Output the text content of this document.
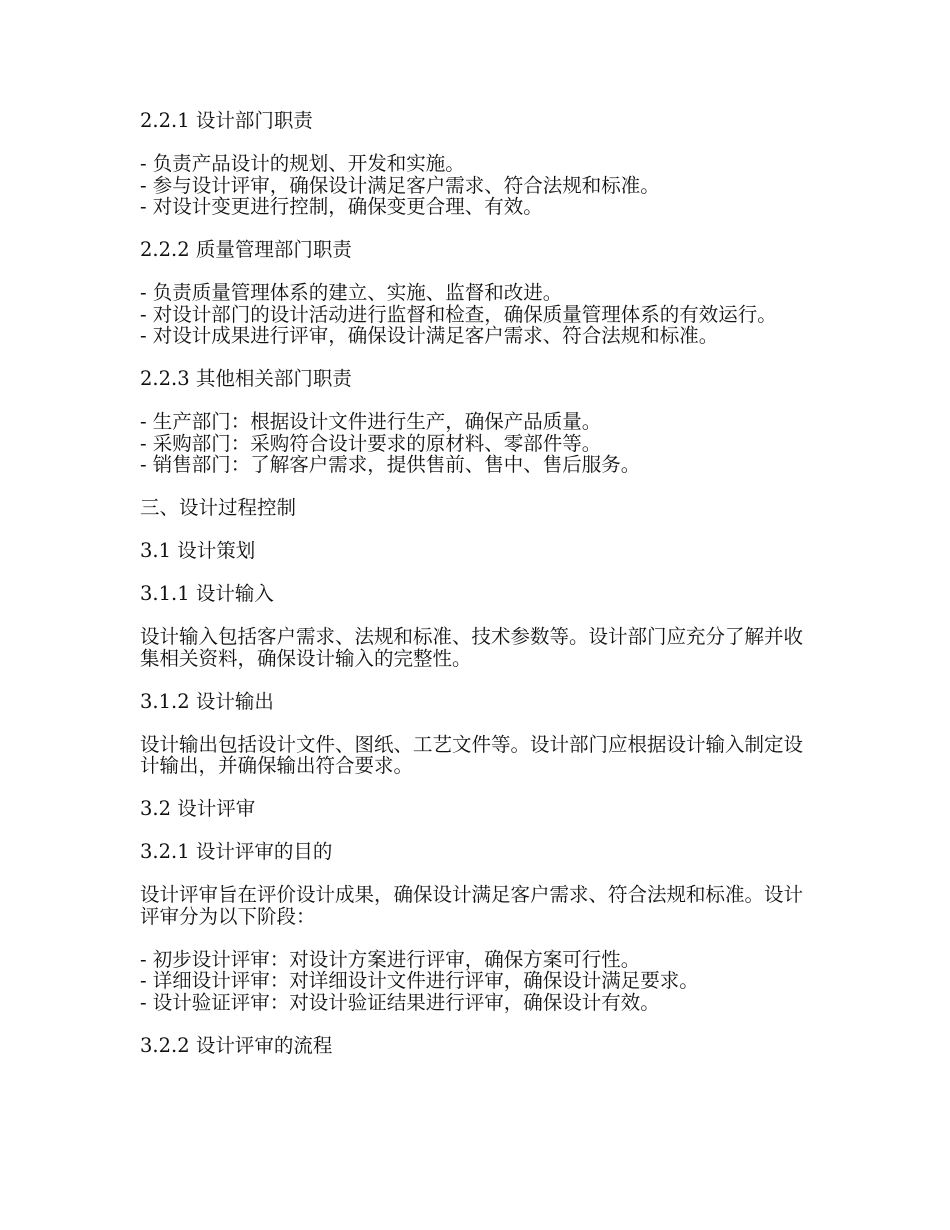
2.2.1 设计部门职责
- 负责产品设计的规划、开发和实施。
- 参与设计评审，确保设计满足客户需求、符合法规和标准。
- 对设计变更进行控制，确保变更合理、有效。
2.2.2 质量管理部门职责
- 负责质量管理体系的建立、实施、监督和改进。
- 对设计部门的设计活动进行监督和检查，确保质量管理体系的有效运行。
- 对设计成果进行评审，确保设计满足客户需求、符合法规和标准。
2.2.3 其他相关部门职责
- 生产部门：根据设计文件进行生产，确保产品质量。
- 采购部门：采购符合设计要求的原材料、零部件等。
- 销售部门：了解客户需求，提供售前、售中、售后服务。
三、设计过程控制
3.1 设计策划
3.1.1 设计输入

设计输入包括客户需求、法规和标准、技术参数等。设计部门应充分了解并收集相关资料，确保设计输入的完整性。

3.1.2 设计输出

设计输出包括设计文件、图纸、工艺文件等。设计部门应根据设计输入制定设计输出，并确保输出符合要求。

3.2 设计评审
3.2.1 设计评审的目的

设计评审旨在评价设计成果，确保设计满足客户需求、符合法规和标准。设计评审分为以下阶段：

- 初步设计评审：对设计方案进行评审，确保方案可行性。
- 详细设计评审：对详细设计文件进行评审，确保设计满足要求。
- 设计验证评审：对设计验证结果进行评审，确保设计有效。
3.2.2 设计评审的流程
